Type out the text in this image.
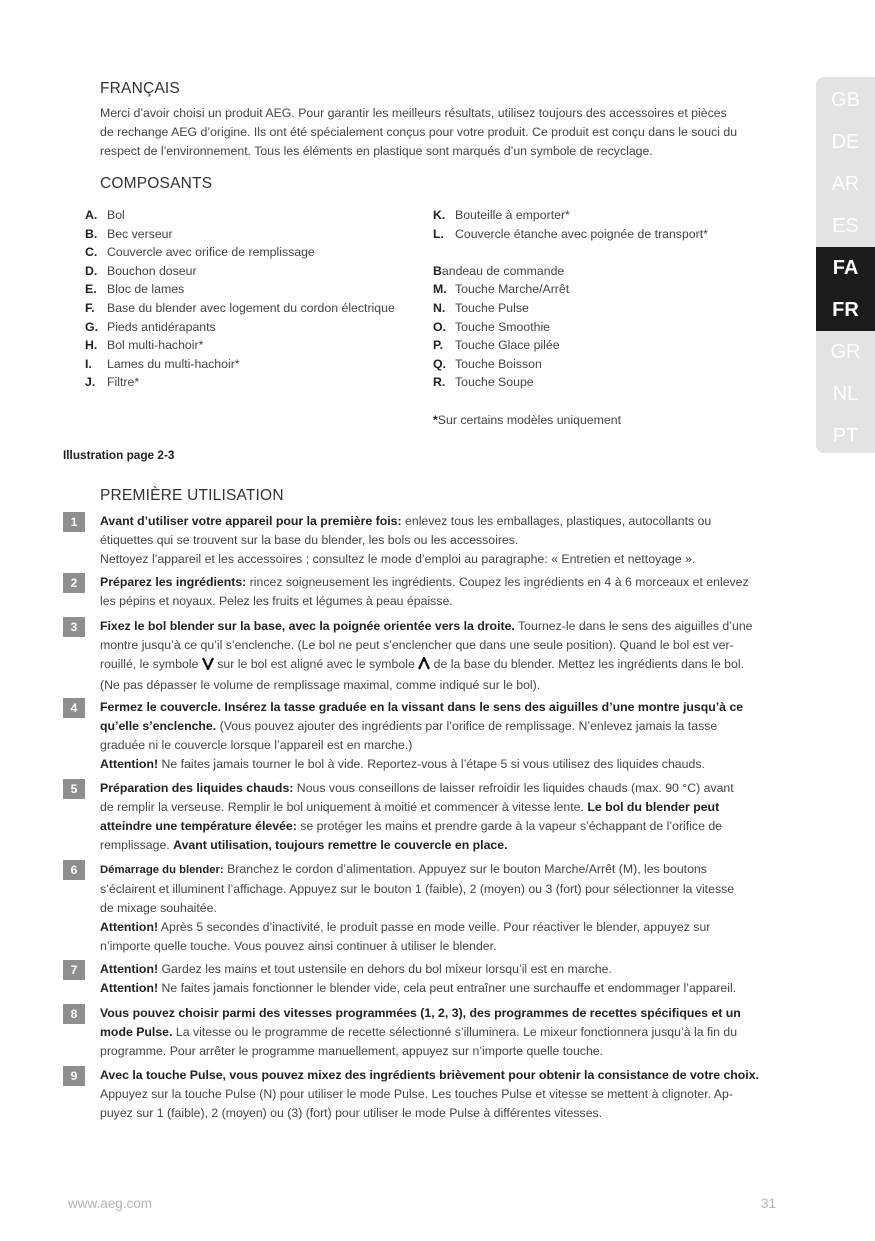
GB
DE
AR
ES
FA
FR
GR
NL
PT
FRANÇAIS
Merci d’avoir choisi un produit AEG. Pour garantir les meilleurs résultats, utilisez toujours des accessoires et pièces
de rechange AEG d’origine. Ils ont été spécialement conçus pour votre produit. Ce produit est conçu dans le souci du
respect de l’environnement. Tous les éléments en plastique sont marqués d’un symbole de recyclage.
COMPOSANTS
A. Bol
B. Bec verseur
C. Couvercle avec orifice de remplissage
D. Bouchon doseur
E. Bloc de lames
F. Base du blender avec logement du cordon électrique
G. Pieds antidérapants
H. Bol multi-hachoir*
I. Lames du multi-hachoir*
J. Filtre*
K. Bouteille à emporter*
L. Couvercle étanche avec poignée de transport*
Bandeau de commande
M. Touche Marche/Arrêt
N. Touche Pulse
O. Touche Smoothie
P. Touche Glace pilée
Q. Touche Boisson
R. Touche Soupe
*Sur certains modèles uniquement
Illustration page 2-3
PREMIÈRE UTILISATION
1	Avant d’utiliser votre appareil pour la première fois: enlevez tous les emballages, plastiques, autocollants ou
étiquettes qui se trouvent sur la base du blender, les bols ou les accessoires.
Nettoyez l’appareil et les accessoires ; consultez le mode d’emploi au paragraphe: « Entretien et nettoyage ».
2	Préparez les ingrédients: rincez soigneusement les ingrédients. Coupez les ingrédients en 4 à 6 morceaux et enlevez
les pépins et noyaux. Pelez les fruits et légumes à peau épaisse.
3	Fixez le bol blender sur la base, avec la poignée orientée vers la droite. Tournez-le dans le sens des aiguilles d’une
montre jusqu’à ce qu’il s’enclenche. (Le bol ne peut s’enclencher que dans une seule position). Quand le bol est ver-
rouillé, le symbole  sur le bol est aligné avec le symbole  de la base du blender. Mettez les ingrédients dans le bol.
(Ne pas dépasser le volume de remplissage maximal, comme indiqué sur le bol).
4	Fermez le couvercle. Insérez la tasse graduée en la vissant dans le sens des aiguilles d’une montre jusqu’à ce
qu’elle s’enclenche. (Vous pouvez ajouter des ingrédients par l’orifice de remplissage. N’enlevez jamais la tasse
graduée ni le couvercle lorsque l’appareil est en marche.)
Attention! Ne faites jamais tourner le bol à vide. Reportez-vous à l’étape 5 si vous utilisez des liquides chauds.
5	Préparation des liquides chauds: Nous vous conseillons de laisser refroidir les liquides chauds (max. 90 °C) avant
de remplir la verseuse. Remplir le bol uniquement à moitié et commencer à vitesse lente. Le bol du blender peut
atteindre une température élevée: se protéger les mains et prendre garde à la vapeur s’échappant de l’orifice de
remplissage. Avant utilisation, toujours remettre le couvercle en place.
6	Démarrage du blender: Branchez le cordon d’alimentation. Appuyez sur le bouton Marche/Arrêt (M), les boutons
s’éclairent et illuminent l’affichage. Appuyez sur le bouton 1 (faible), 2 (moyen) ou 3 (fort) pour sélectionner la vitesse
de mixage souhaitée.
Attention! Après 5 secondes d’inactivité, le produit passe en mode veille. Pour réactiver le blender, appuyez sur
n’importe quelle touche. Vous pouvez ainsi continuer à utiliser le blender.
7	Attention! Gardez les mains et tout ustensile en dehors du bol mixeur lorsqu’il est en marche.
Attention! Ne faites jamais fonctionner le blender vide, cela peut entraîner une surchauffe et endommager l’appareil.
8	Vous pouvez choisir parmi des vitesses programmées (1, 2, 3), des programmes de recettes spécifiques et un
mode Pulse. La vitesse ou le programme de recette sélectionné s’illuminera. Le mixeur fonctionnera jusqu’à la fin du
programme. Pour arrêter le programme manuellement, appuyez sur n’importe quelle touche.
9	Avec la touche Pulse, vous pouvez mixez des ingrédients brièvement pour obtenir la consistance de votre choix.
Appuyez sur la touche Pulse (N) pour utiliser le mode Pulse. Les touches Pulse et vitesse se mettent à clignoter. Ap-
puyez sur 1 (faible), 2 (moyen) ou (3) (fort) pour utiliser le mode Pulse à différentes vitesses.
www.aeg.com	31
